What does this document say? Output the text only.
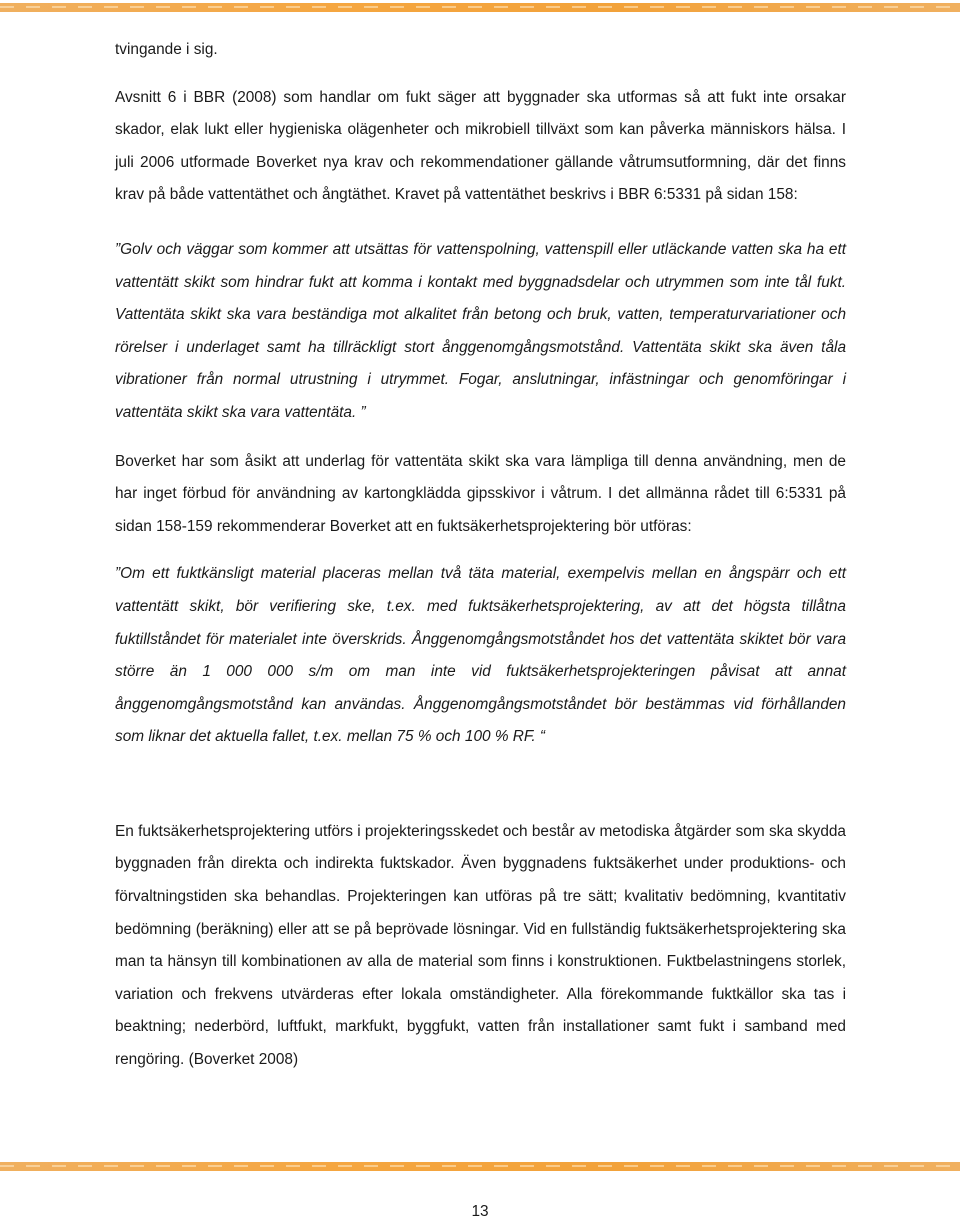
tvingande i sig.

Avsnitt 6 i BBR (2008) som handlar om fukt säger att byggnader ska utformas så att fukt inte orsakar skador, elak lukt eller hygieniska olägenheter och mikrobiell tillväxt som kan påverka människors hälsa. I juli 2006 utformade Boverket nya krav och rekommendationer gällande våtrumsutformning, där det finns krav på både vattentäthet och ångtäthet. Kravet på vattentäthet beskrivs i BBR 6:5331 på sidan 158:

”Golv och väggar som kommer att utsättas för vattenspolning, vattenspill eller utläckande vatten ska ha ett vattentätt skikt som hindrar fukt att komma i kontakt med byggnadsdelar och utrymmen som inte tål fukt. Vattentäta skikt ska vara beständiga mot alkalitet från betong och bruk, vatten, temperaturvariationer och rörelser i underlaget samt ha tillräckligt stort ånggenomgångsmotstånd. Vattentäta skikt ska även tåla vibrationer från normal utrustning i utrymmet. Fogar, anslutningar, infästningar och genomföringar i vattentäta skikt ska vara vattentäta. ”

Boverket har som åsikt att underlag för vattentäta skikt ska vara lämpliga till denna användning, men de har inget förbud för användning av kartongklädda gipsskivor i våtrum. I det allmänna rådet till 6:5331 på sidan 158-159 rekommenderar Boverket att en fuktsäkerhetsprojektering bör utföras:

”Om ett fuktkänsligt material placeras mellan två täta material, exempelvis mellan en ångspärr och ett vattentätt skikt, bör verifiering ske, t.ex. med fuktsäkerhetsprojektering, av att det högsta tillåtna fuktillståndet för materialet inte överskrids. Ånggenomgångsmotståndet hos det vattentäta skiktet bör vara större än 1 000 000 s/m om man inte vid fuktsäkerhetsprojekteringen påvisat att annat ånggenomgångsmotstånd kan användas. Ånggenomgångsmotståndet bör bestämmas vid förhållanden som liknar det aktuella fallet, t.ex. mellan 75 % och 100 % RF. “

En fuktsäkerhetsprojektering utförs i projekteringsskedet och består av metodiska åtgärder som ska skydda byggnaden från direkta och indirekta fuktskador. Även byggnadens fuktsäkerhet under produktions- och förvaltningstiden ska behandlas. Projekteringen kan utföras på tre sätt; kvalitativ bedömning, kvantitativ bedömning (beräkning) eller att se på beprövade lösningar. Vid en fullständig fuktsäkerhetsprojektering ska man ta hänsyn till kombinationen av alla de material som finns i konstruktionen. Fuktbelastningens storlek, variation och frekvens utvärderas efter lokala omständigheter. Alla förekommande fuktkällor ska tas i beaktning; nederbörd, luftfukt, markfukt, byggfukt, vatten från installationer samt fukt i samband med rengöring. (Boverket 2008)

13
